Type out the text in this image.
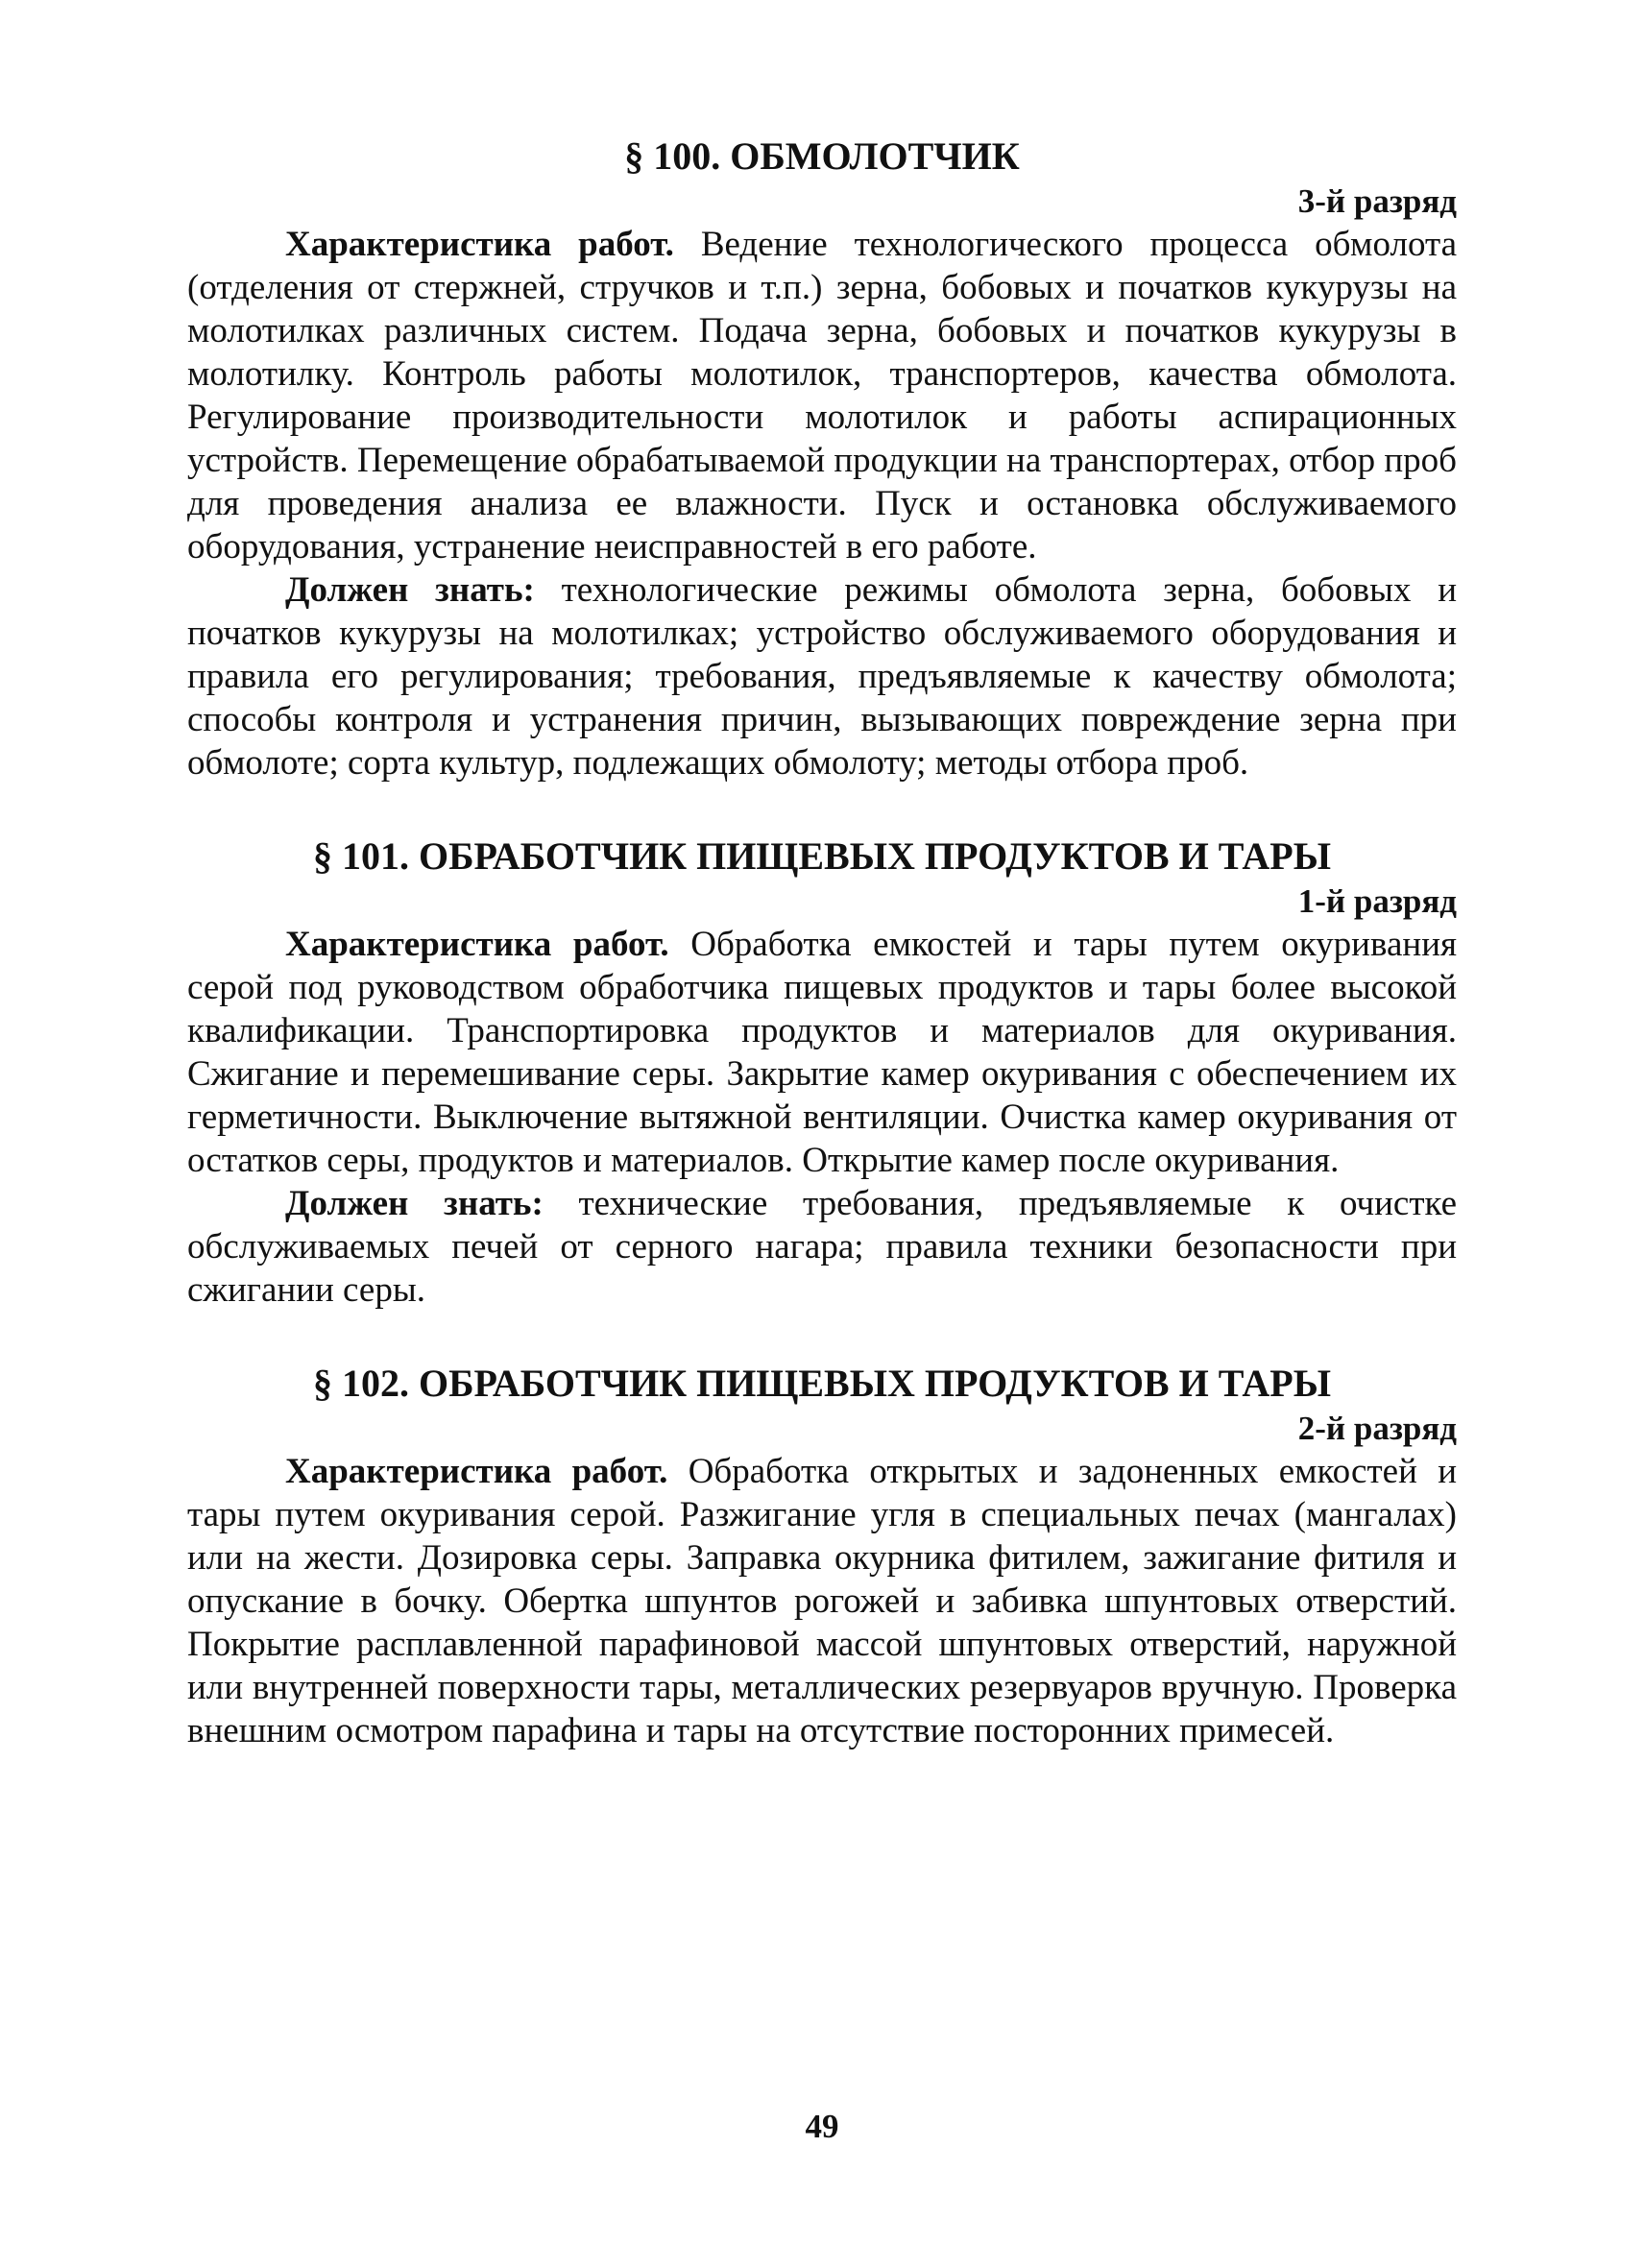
§ 100. ОБМОЛОТЧИК
3-й разряд

Характеристика работ. Ведение технологического процесса обмолота (отделения от стержней, стручков и т.п.) зерна, бобовых и початков кукурузы на молотилках различных систем. Подача зерна, бобовых и початков кукурузы в молотилку. Контроль работы молотилок, транспортеров, качества обмолота. Регулирование производительности молотилок и работы аспирационных устройств. Перемещение обрабатываемой продукции на транспортерах, отбор проб для проведения анализа ее влажности. Пуск и остановка обслуживаемого оборудования, устранение неисправностей в его работе.

Должен знать: технологические режимы обмолота зерна, бобовых и початков кукурузы на молотилках; устройство обслуживаемого оборудования и правила его регулирования; требования, предъявляемые к качеству обмолота; способы контроля и устранения причин, вызывающих повреждение зерна при обмолоте; сорта культур, подлежащих обмолоту; методы отбора проб.

§ 101. ОБРАБОТЧИК ПИЩЕВЫХ ПРОДУКТОВ И ТАРЫ
1-й разряд

Характеристика работ. Обработка емкостей и тары путем окуривания серой под руководством обработчика пищевых продуктов и тары более высокой квалификации. Транспортировка продуктов и материалов для окуривания. Сжигание и перемешивание серы. Закрытие камер окуривания с обеспечением их герметичности. Выключение вытяжной вентиляции. Очистка камер окуривания от остатков серы, продуктов и материалов. Открытие камер после окуривания.

Должен знать: технические требования, предъявляемые к очистке обслуживаемых печей от серного нагара; правила техники безопасности при сжигании серы.

§ 102. ОБРАБОТЧИК ПИЩЕВЫХ ПРОДУКТОВ И ТАРЫ
2-й разряд

Характеристика работ. Обработка открытых и задоненных емкостей и тары путем окуривания серой. Разжигание угля в специальных печах (мангалах) или на жести. Дозировка серы. Заправка окурника фитилем, зажигание фитиля и опускание в бочку. Обертка шпунтов рогожей и забивка шпунтовых отверстий. Покрытие расплавленной парафиновой массой шпунтовых отверстий, наружной или внутренней поверхности тары, металлических резервуаров вручную. Проверка внешним осмотром парафина и тары на отсутствие посторонних примесей.

49
